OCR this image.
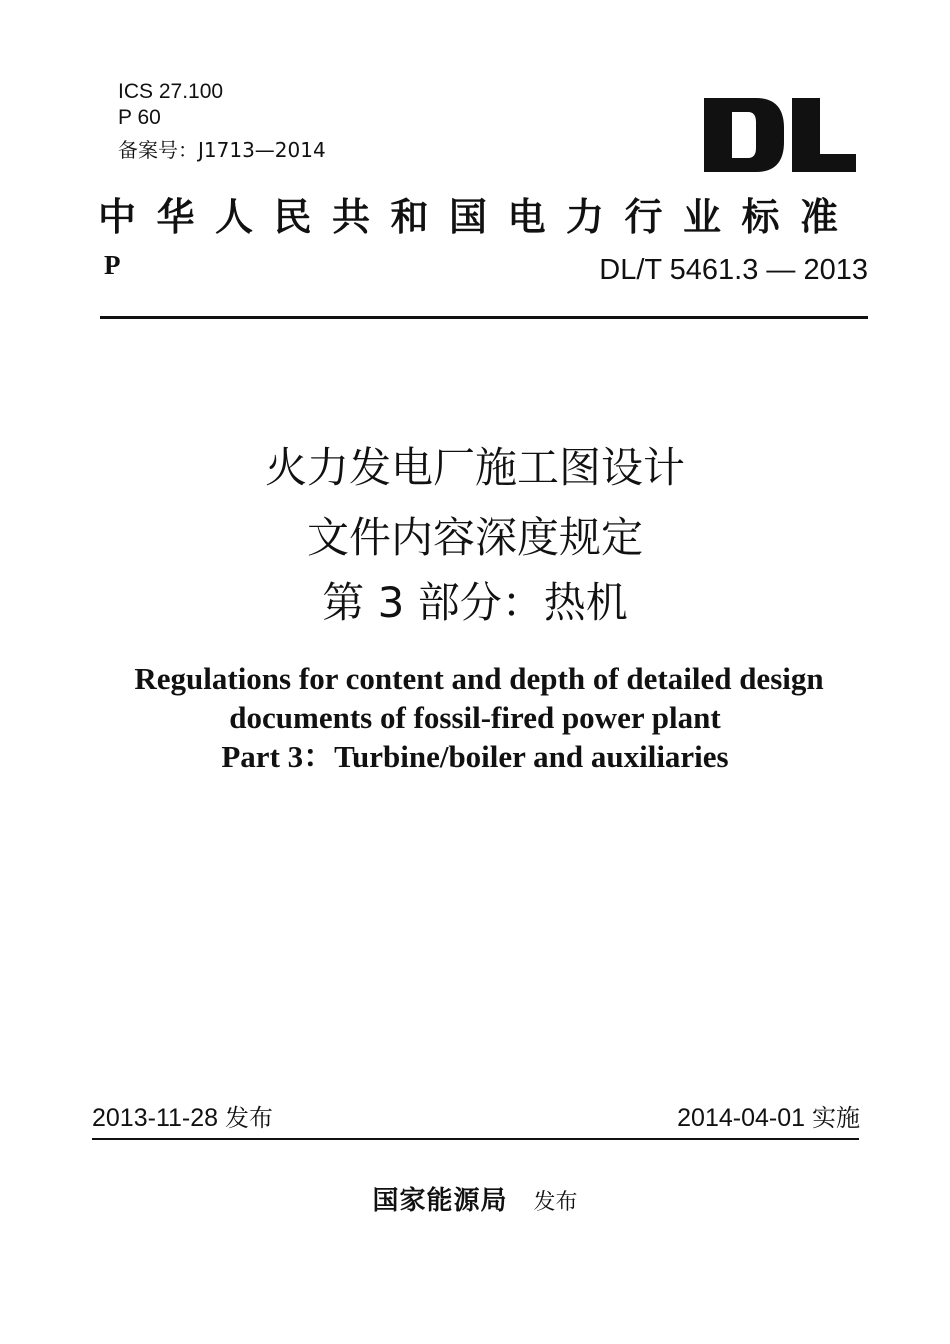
ICS 27.100
P 60
备案号：J1713—2014
中华人民共和国电力行业标准
P	DL/T 5461.3 — 2013
火力发电厂施工图设计
文件内容深度规定
第 3 部分：热机
Regulations for content and depth of detailed design
documents of fossil-fired power plant
Part 3：Turbine/boiler and auxiliaries
2013-11-28 发布	2014-04-01 实施
国家能源局 发布
